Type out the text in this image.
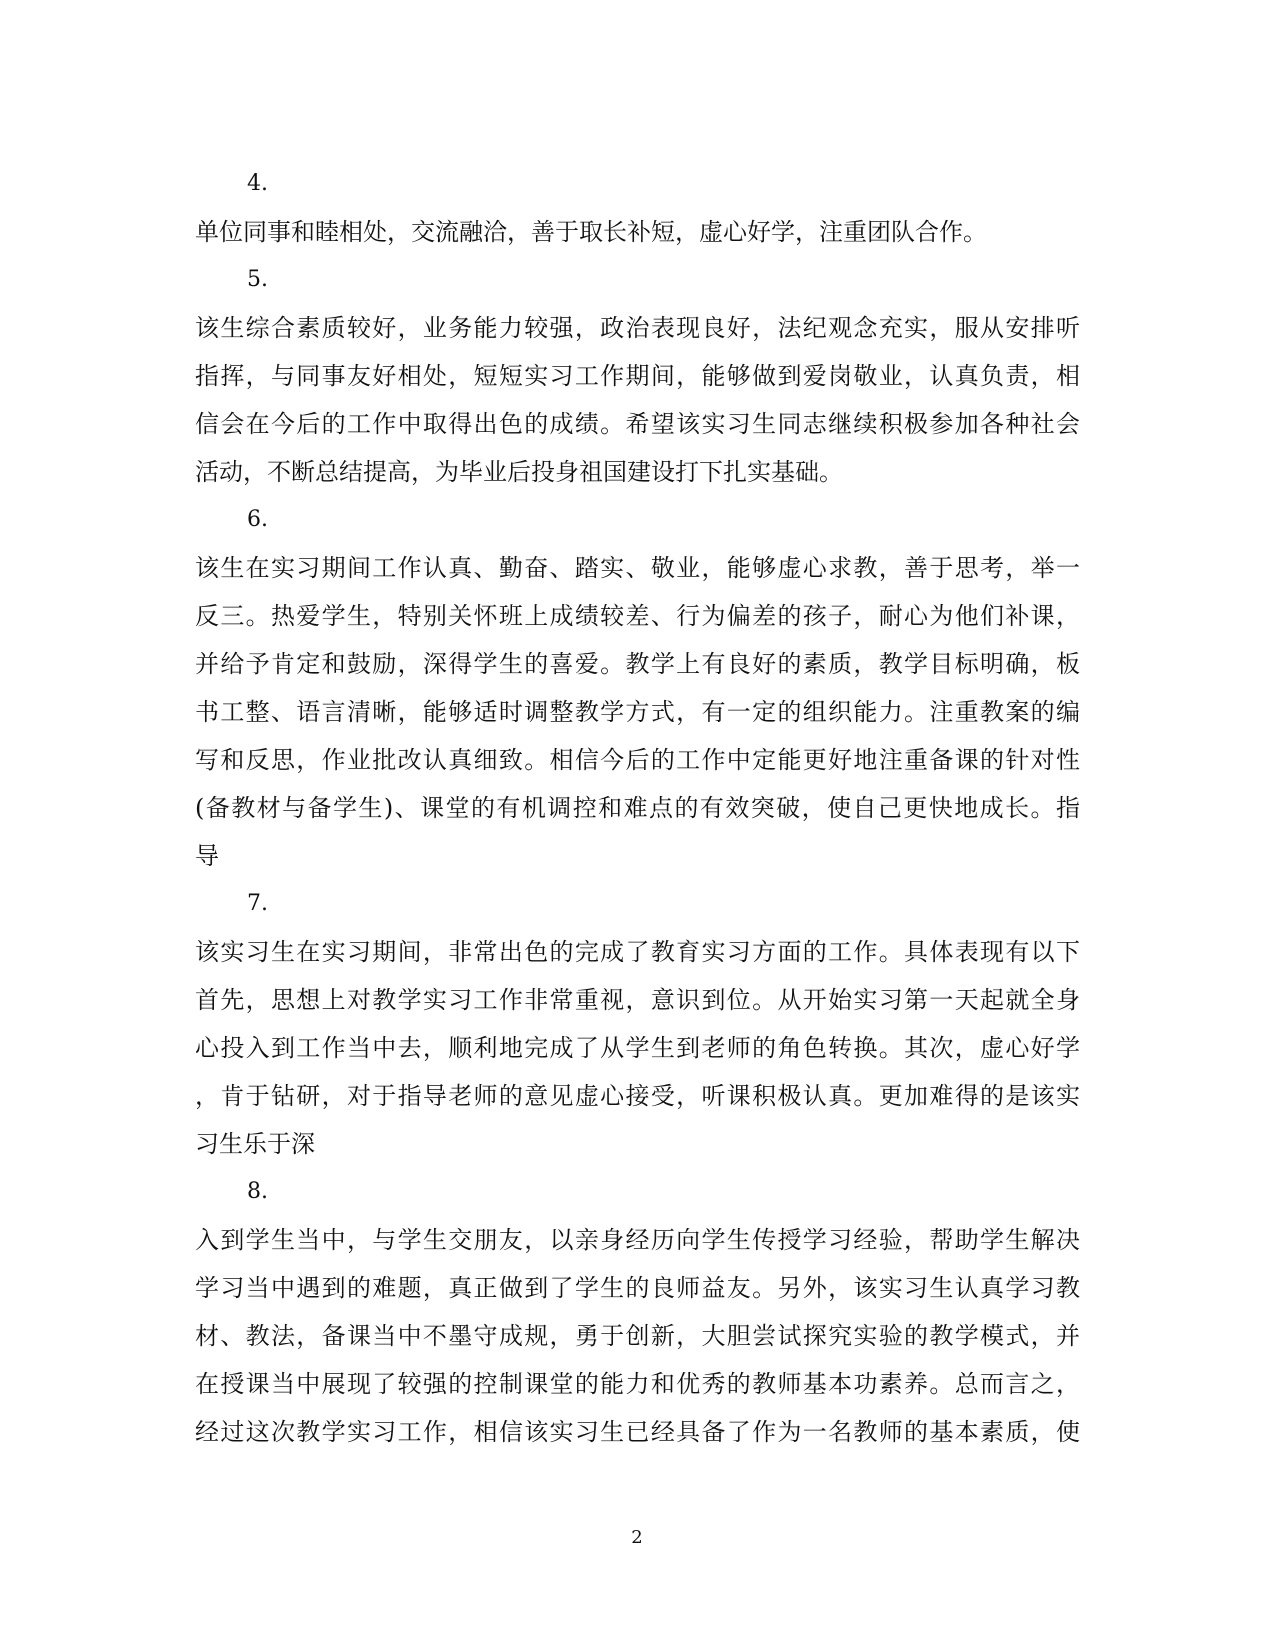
4.
单位同事和睦相处，交流融洽，善于取长补短，虚心好学，注重团队合作。
5.
该生综合素质较好，业务能力较强，政治表现良好，法纪观念充实，服从安排听
指挥，与同事友好相处，短短实习工作期间，能够做到爱岗敬业，认真负责，相
信会在今后的工作中取得出色的成绩。希望该实习生同志继续积极参加各种社会
活动，不断总结提高，为毕业后投身祖国建设打下扎实基础。
6.
该生在实习期间工作认真、勤奋、踏实、敬业，能够虚心求教，善于思考，举一
反三。热爱学生，特别关怀班上成绩较差、行为偏差的孩子，耐心为他们补课，
并给予肯定和鼓励，深得学生的喜爱。教学上有良好的素质，教学目标明确，板
书工整、语言清晰，能够适时调整教学方式，有一定的组织能力。注重教案的编
写和反思，作业批改认真细致。相信今后的工作中定能更好地注重备课的针对性
(备教材与备学生)、课堂的有机调控和难点的有效突破，使自己更快地成长。指
导
7.
该实习生在实习期间，非常出色的完成了教育实习方面的工作。具体表现有以下
首先，思想上对教学实习工作非常重视，意识到位。从开始实习第一天起就全身
心投入到工作当中去，顺利地完成了从学生到老师的角色转换。其次，虚心好学
，肯于钻研，对于指导老师的意见虚心接受，听课积极认真。更加难得的是该实
习生乐于深
8.
入到学生当中，与学生交朋友，以亲身经历向学生传授学习经验，帮助学生解决
学习当中遇到的难题，真正做到了学生的良师益友。另外，该实习生认真学习教
材、教法，备课当中不墨守成规，勇于创新，大胆尝试探究实验的教学模式，并
在授课当中展现了较强的控制课堂的能力和优秀的教师基本功素养。总而言之，
经过这次教学实习工作，相信该实习生已经具备了作为一名教师的基本素质，使
2
